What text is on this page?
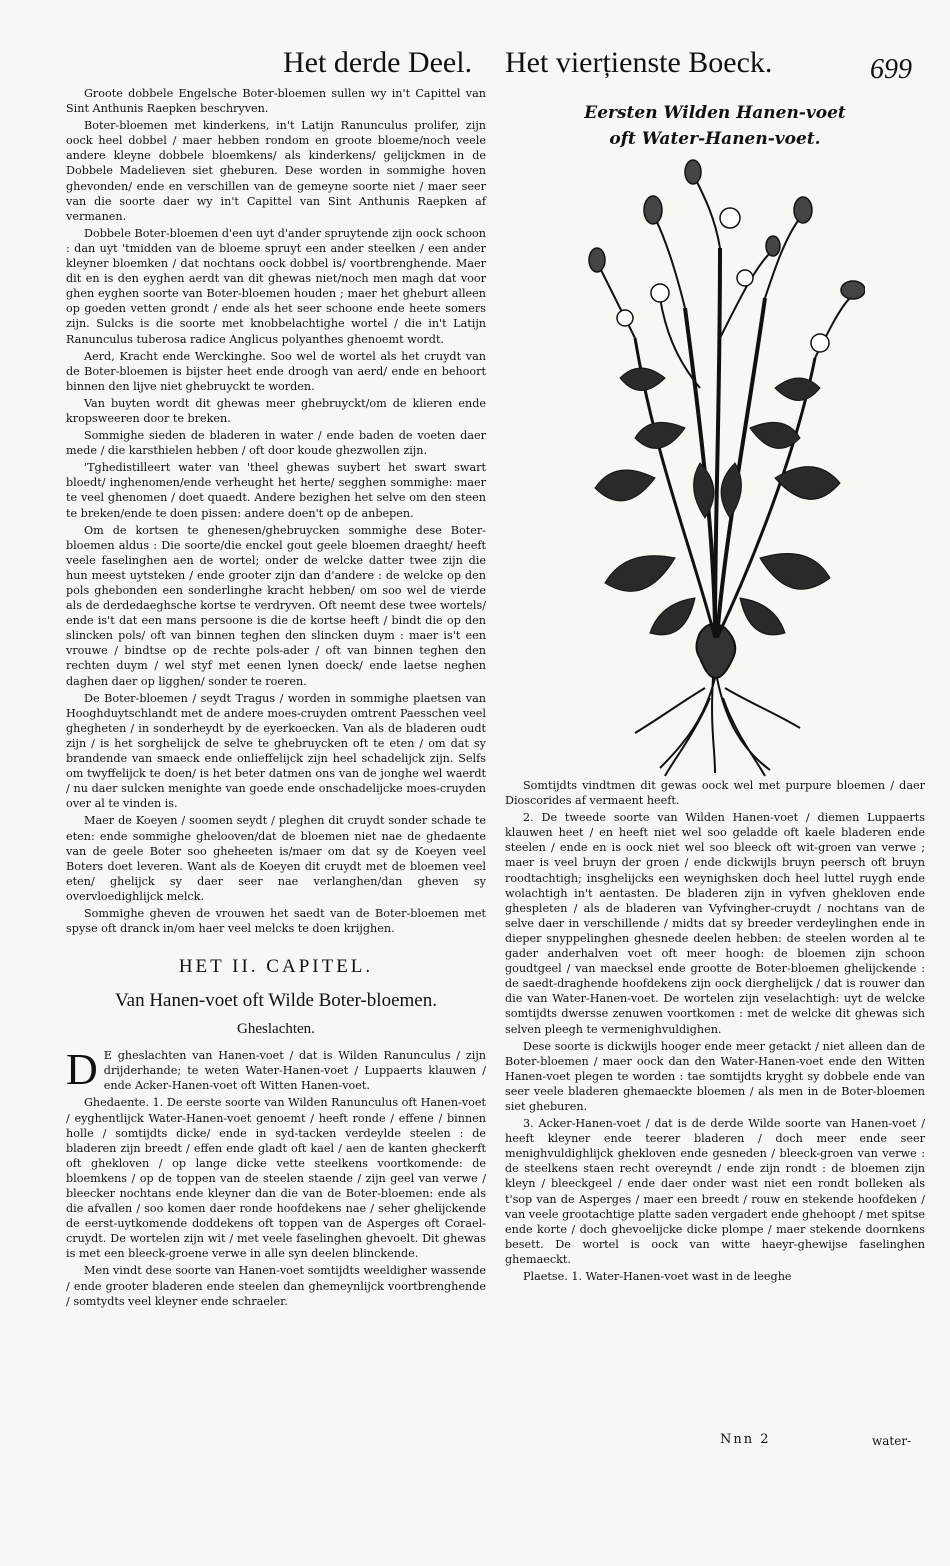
Het derde Deel. Het vierțienste Boeck.	699

Groote dobbele Engelsche Boter-bloemen sullen wy in't Capittel van Sint Anthunis Raepken beschryven.

Boter-bloemen met kinderkens, in't Latijn Ranunculus prolifer, zijn oock heel dobbel / maer hebben rondom en groote bloeme/noch veele andere kleyne dobbele bloemkens/ als kinderkens/ gelijckmen in de Dobbele Madelieven siet gheburen. Dese worden in sommighe hoven ghevonden/ ende en verschillen van de gemeyne soorte niet / maer seer van die soorte daer wy in't Capittel van Sint Anthunis Raepken af vermanen.

Dobbele Boter-bloemen d'een uyt d'ander spruytende zijn oock schoon : dan uyt 'tmidden van de bloeme spruyt een ander steelken / een ander kleyner bloemken / dat nochtans oock dobbel is/ voortbrenghende. Maer dit en is den eyghen aerdt van dit ghewas niet/noch men magh dat voor ghen eyghen soorte van Boter-bloemen houden ; maer het gheburt alleen op goeden vetten grondt / ende als het seer schoone ende heete somers zijn. Sulcks is die soorte met knobbelachtighe wortel / die in't Latijn Ranunculus tuberosa radice Anglicus polyanthes ghenoemt wordt.

Aerd, Kracht ende Werckinghe. Soo wel de wortel als het cruydt van de Boter-bloemen is bijster heet ende droogh van aerd/ ende en behoort binnen den lijve niet ghebruyckt te worden.

Van buyten wordt dit ghewas meer ghebruyckt/om de klieren ende kropsweeren door te breken.

Sommighe sieden de bladeren in water / ende baden de voeten daer mede / die karsthielen hebben / oft door koude ghezwollen zijn.

'Tghedistilleert water van 'theel ghewas suybert het swart swart bloedt/ inghenomen/ende verheught het herte/ segghen sommighe: maer te veel ghenomen / doet quaedt. Andere bezighen het selve om den steen te breken/ende te doen pissen: andere doen't op de anbepen.

Om de kortsen te ghenesen/ghebruycken sommighe dese Boter-bloemen aldus : Die soorte/die enckel gout geele bloemen draeght/ heeft veele faselinghen aen de wortel; onder de welcke datter twee zijn die hun meest uytsteken / ende grooter zijn dan d'andere : de welcke op den pols ghebonden een sonderlinghe kracht hebben/ om soo wel de vierde als de derdedaeghsche kortse te verdryven. Oft neemt dese twee wortels/ ende is't dat een mans persoone is die de kortse heeft / bindt die op den slincken pols/ oft van binnen teghen den slincken duym : maer is't een vrouwe / bindtse op de rechte pols-ader / oft van binnen teghen den rechten duym / wel styf met eenen lynen doeck/ ende laetse neghen daghen daer op ligghen/ sonder te roeren.

De Boter-bloemen / seydt Tragus / worden in sommighe plaetsen van Hooghduytschlandt met de andere moes-cruyden omtrent Paesschen veel ghegheten / in sonderheydt by de eyerkoecken. Van als de bladeren oudt zijn / is het sorghelijck de selve te ghebruycken oft te eten / om dat sy brandende van smaeck ende onlieffelijck zijn heel schadelijck zijn. Selfs om twyffelijck te doen/ is het beter datmen ons van de jonghe wel waerdt / nu daer sulcken menighte van goede ende onschadelijcke moes-cruyden over al te vinden is.

Maer de Koeyen / soomen seydt / pleghen dit cruydt sonder schade te eten: ende sommighe ghelooven/dat de bloemen niet nae de ghedaente van de geele Boter soo gheheeten is/maer om dat sy de Koeyen veel Boters doet leveren. Want als de Koeyen dit cruydt met de bloemen veel eten/ ghelijck sy daer seer nae verlanghen/dan gheven sy overvloedighlijck melck.

Sommighe gheven de vrouwen het saedt van de Boter-bloemen met spyse oft dranck in/om haer veel melcks te doen krijghen.

HET II. CAPITEL.
Van Hanen-voet oft Wilde Boter-bloemen.
Gheslachten.

D E gheslachten van Hanen-voet / dat is Wilden Ranunculus / zijn drijderhande; te weten Water-Hanen-voet / Luppaerts klauwen / ende Acker-Hanen-voet oft Witten Hanen-voet.

Ghedaente. 1. De eerste soorte van Wilden Ranunculus oft Hanen-voet / eyghentlijck Water-Hanen-voet genoemt / heeft ronde / effene / binnen holle / somtijdts dicke/ ende in syd-tacken verdeylde steelen : de bladeren zijn breedt / effen ende gladt oft kael / aen de kanten gheckerft oft ghekloven / op lange dicke vette steelkens voortkomende: de bloemkens / op de toppen van de steelen staende / zijn geel van verwe / bleecker nochtans ende kleyner dan die van de Boter-bloemen: ende als die afvallen / soo komen daer ronde hoofdekens nae / seher ghelijckende de eerst-uytkomende doddekens oft toppen van de Asperges oft Corael-cruydt. De wortelen zijn wit / met veele faselinghen ghevoelt. Dit ghewas is met een bleeck-groene verwe in alle syn deelen blinckende.

Men vindt dese soorte van Hanen-voet somtijdts weeldigher wassende / ende grooter bladeren ende steelen dan ghemeynlijck voortbrenghende / somtydts veel kleyner ende schraeler.

Eersten Wilden Hanen-voet
oft Water-Hanen-voet.

Somtijdts vindtmen dit gewas oock wel met purpure bloemen / daer Dioscorides af vermaent heeft.

2. De tweede soorte van Wilden Hanen-voet / diemen Luppaerts klauwen heet / en heeft niet wel soo geladde oft kaele bladeren ende steelen / ende en is oock niet wel soo bleeck oft wit-groen van verwe ; maer is veel bruyn der groen / ende dickwijls bruyn peersch oft bruyn roodtachtigh; insghelijcks een weynighsken doch heel luttel ruygh ende wolachtigh in't aentasten. De bladeren zijn in vyfven ghekloven ende ghespleten / als de bladeren van Vyfvingher-cruydt / nochtans van de selve daer in verschillende / midts dat sy breeder verdeylinghen ende in dieper snyppelinghen ghesnede deelen hebben: de steelen worden al te gader anderhalven voet oft meer hoogh: de bloemen zijn schoon goudtgeel / van maecksel ende grootte de Boter-bloemen ghelijckende : de saedt-draghende hoofdekens zijn oock dierghelijck / dat is rouwer dan die van Water-Hanen-voet. De wortelen zijn veselachtigh: uyt de welcke somtijdts dwersse zenuwen voortkomen : met de welcke dit ghewas sich selven pleegh te vermenighvuldighen.

Dese soorte is dickwijls hooger ende meer getackt / niet alleen dan de Boter-bloemen / maer oock dan den Water-Hanen-voet ende den Witten Hanen-voet plegen te worden : tae somtijdts kryght sy dobbele ende van seer veele bladeren ghemaeckte bloemen / als men in de Boter-bloemen siet gheburen.

3. Acker-Hanen-voet / dat is de derde Wilde soorte van Hanen-voet / heeft kleyner ende teerer bladeren / doch meer ende seer menighvuldighlijck ghekloven ende gesneden / bleeck-groen van verwe : de steelkens staen recht overeyndt / ende zijn rondt : de bloemen zijn kleyn / bleeckgeel / ende daer onder wast niet een rondt bolleken als t'sop van de Asperges / maer een breedt / rouw en stekende hoofdeken / van veele grootachtige platte saden vergadert ende ghehoopt / met spitse ende korte / doch ghevoelijcke dicke plompe / maer stekende doornkens besett. De wortel is oock van witte haeyr-ghewijse faselinghen ghemaeckt.

Plaetse. 1. Water-Hanen-voet wast in de leeghe

Nnn 2	water-
